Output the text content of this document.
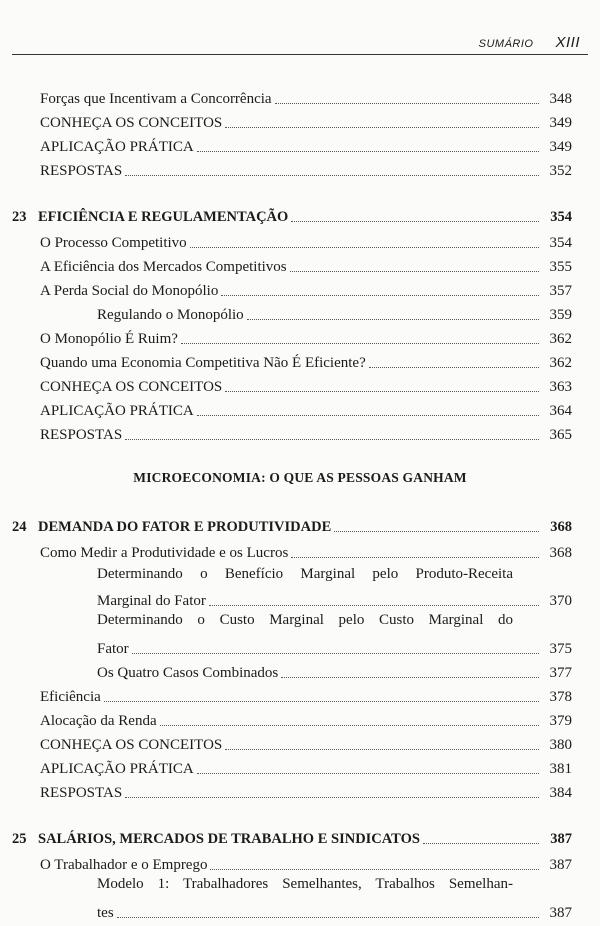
SUMÁRIO XIII
Forças que Incentivam a Concorrência	348
CONHEÇA OS CONCEITOS	349
APLICAÇÃO PRÁTICA	349
RESPOSTAS	352
23 EFICIÊNCIA E REGULAMENTAÇÃO	354
O Processo Competitivo	354
A Eficiência dos Mercados Competitivos	355
A Perda Social do Monopólio	357
Regulando o Monopólio	359
O Monopólio É Ruim?	362
Quando uma Economia Competitiva Não É Eficiente?	362
CONHEÇA OS CONCEITOS	363
APLICAÇÃO PRÁTICA	364
RESPOSTAS	365
MICROECONOMIA: O QUE AS PESSOAS GANHAM
24 DEMANDA DO FATOR E PRODUTIVIDADE	368
Como Medir a Produtividade e os Lucros	368
Determinando o Benefício Marginal pelo Produto-Receita
Marginal do Fator	370
Determinando o Custo Marginal pelo Custo Marginal do
Fator	375
Os Quatro Casos Combinados	377
Eficiência	378
Alocação da Renda	379
CONHEÇA OS CONCEITOS	380
APLICAÇÃO PRÁTICA	381
RESPOSTAS	384
25 SALÁRIOS, MERCADOS DE TRABALHO E SINDICATOS	387
O Trabalhador e o Emprego	387
Modelo 1: Trabalhadores Semelhantes, Trabalhos Semelhan-
tes	387
